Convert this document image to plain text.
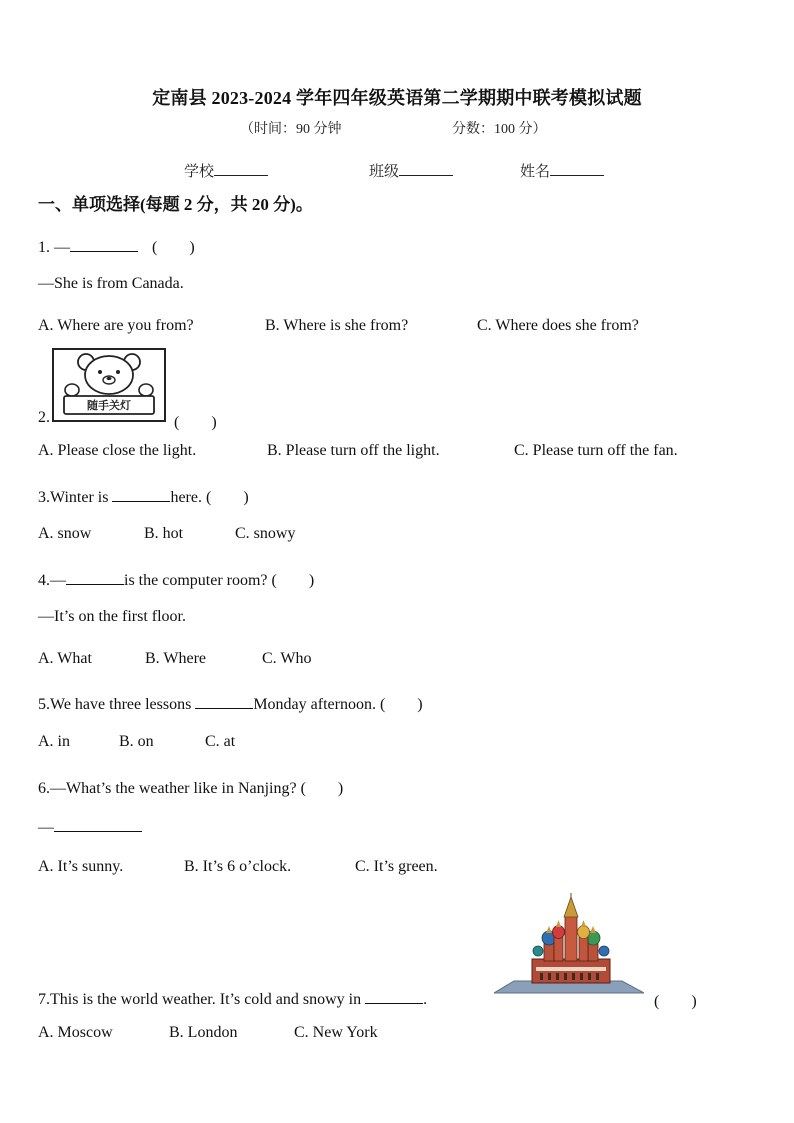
定南县 2023-2024 学年四年级英语第二学期期中联考模拟试题
（时间：90 分钟	分数：100 分）
学校	班级	姓名
一、单项选择(每题 2 分，共 20 分)。
1. —	(　　)
—She is from Canada.
A. Where are you from?	B. Where is she from?	C. Where does she from?
随手关灯
2.	(　　)
A. Please close the light.	B. Please turn off the light.	C. Please turn off the fan.
3.Winter is	here. (　　)
A. snow	B. hot	C. snowy
4.—	is the computer room? (　　)
—It’s on the first floor.
A. What	B. Where	C. Who
5.We have three lessons	Monday afternoon. (　　)
A. in	B. on	C. at
6.—What’s the weather like in Nanjing? (　　)
—
A. It’s sunny.	B. It’s 6 o’clock.	C. It’s green.
7.This is the world weather. It’s cold and snowy in	.	(　　)
A. Moscow	B. London	C. New York
